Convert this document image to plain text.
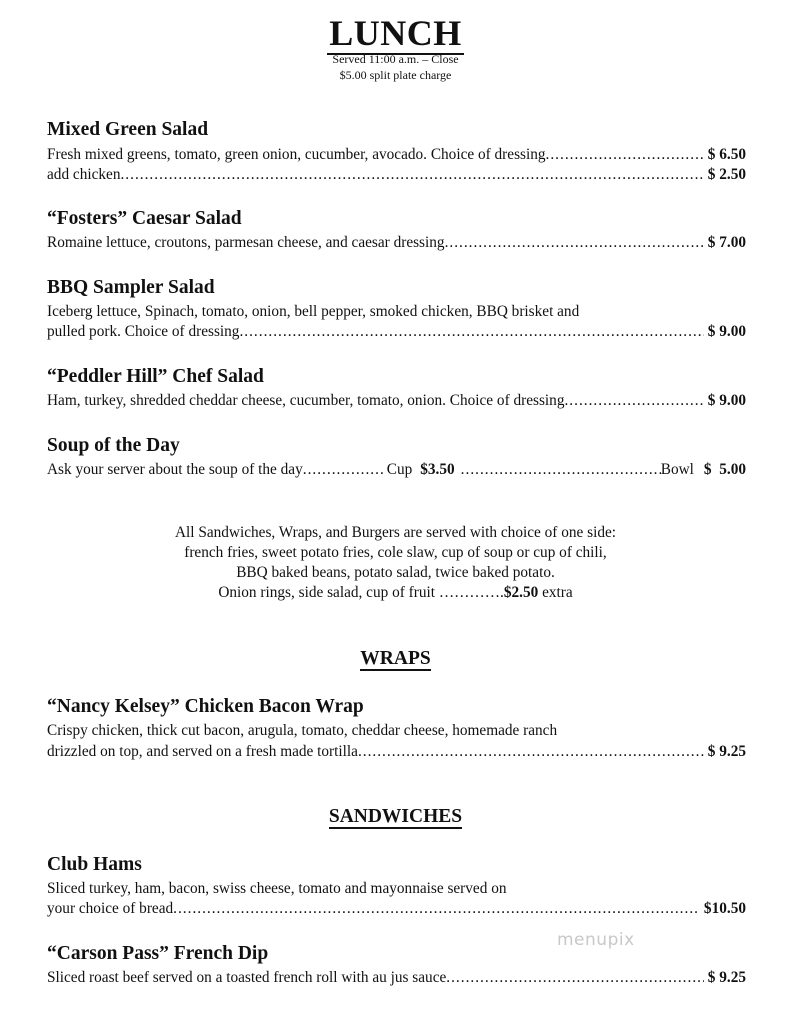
LUNCH
Served 11:00 a.m. – Close
$5.00 split plate charge
Mixed Green Salad
Fresh mixed greens, tomato, green onion, cucumber, avocado. Choice of dressing .....	$ 6.50
add chicken .....	$ 2.50
“Fosters” Caesar Salad
Romaine lettuce, croutons, parmesan cheese, and caesar dressing .....	$ 7.00
BBQ Sampler Salad
Iceberg lettuce, Spinach, tomato, onion, bell pepper, smoked chicken, BBQ brisket and
pulled pork. Choice of dressing .....	$ 9.00
“Peddler Hill” Chef Salad
Ham, turkey, shredded cheddar cheese, cucumber, tomato, onion. Choice of dressing .....	$ 9.00
Soup of the Day
Ask your server about the soup of the day .....	Cup $3.50 .....	Bowl $  5.00
All Sandwiches, Wraps, and Burgers are served with choice of one side:
french fries, sweet potato fries, cole slaw, cup of soup or cup of chili,
BBQ baked beans, potato salad, twice baked potato.
Onion rings, side salad, cup of fruit ………….$2.50 extra
WRAPS
“Nancy Kelsey” Chicken Bacon Wrap
Crispy chicken, thick cut bacon, arugula, tomato, cheddar cheese, homemade ranch
drizzled on top, and served on a fresh made tortilla .....	$ 9.25
SANDWICHES
Club Hams
Sliced turkey, ham, bacon, swiss cheese, tomato and mayonnaise served on
your choice of bread .....	$10.50
“Carson Pass” French Dip
Sliced roast beef served on a toasted french roll with au jus sauce .....	$ 9.25
menupix
